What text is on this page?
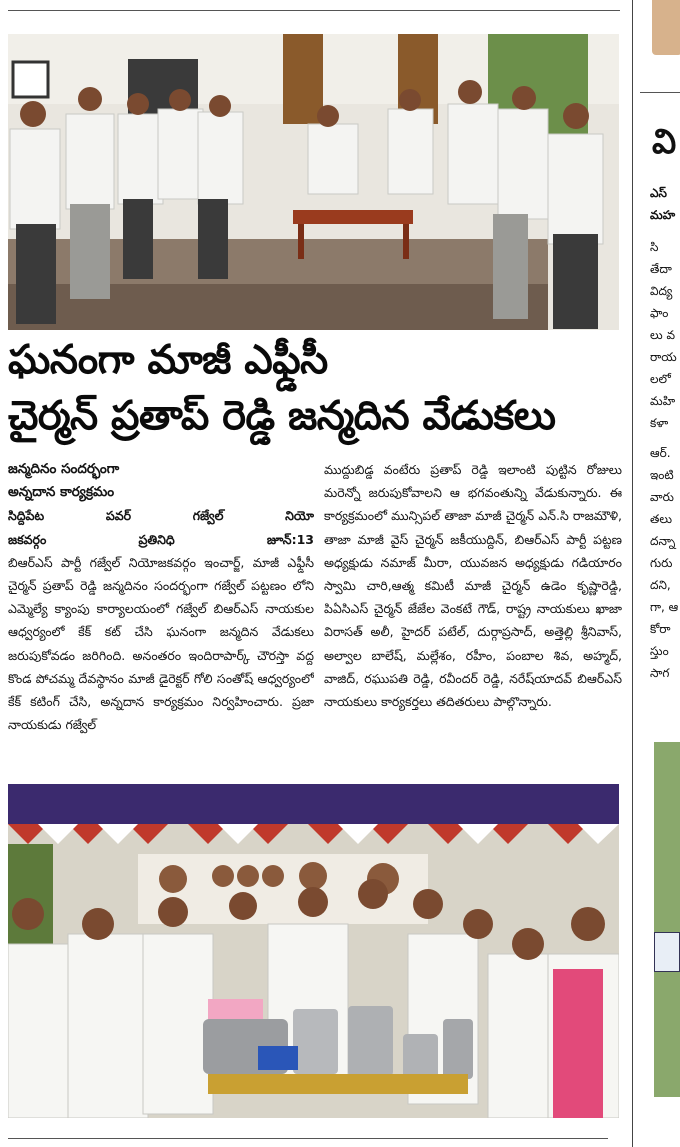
ఘనంగా మాజీ ఎఫ్డీసీ
చైర్మన్ ప్రతాప్ రెడ్డి జన్మదిన వేడుకలు
జన్మదినం సందర్భంగా
అన్నదాన కార్యక్రమం
సిద్దిపేట	పవర్	గజ్వేల్	నియో
జకవర్గం	ప్రతినిధి	జూన్:13

బిఆర్ఎస్ పార్టీ గజ్వేల్ నియోజకవర్గం ఇంచార్జ్, మాజీ ఎఫ్డీసీ చైర్మన్ ప్రతాప్ రెడ్డి జన్మదినం సందర్భంగా గజ్వేల్ పట్టణం లోని ఎమ్మెల్యే క్యాంపు కార్యాలయంలో గజ్వేల్ బిఆర్ఎస్ నాయకుల ఆధ్వర్యంలో కేక్ కట్ చేసి ఘనంగా జన్మదిన వేడుకలు జరుపుకోవడం జరిగింది. అనంతరం ఇందిరాపార్క్ చౌరస్తా వద్ద కొండ పోచమ్మ దేవస్థానం మాజీ డైరెక్టర్ గోలి సంతోష్ ఆధ్వర్యంలో కేక్ కటింగ్ చేసి, అన్నదాన కార్యక్రమం నిర్వహించారు. ప్రజా నాయకుడు గజ్వేల్

ముద్దుబిడ్డ వంటేరు ప్రతాప్ రెడ్డి ఇలాంటి పుట్టిన రోజులు మరెన్నో జరుపుకోవాలని ఆ భగవంతున్ని వేడుకున్నారు. ఈ కార్యక్రమంలో మున్సిపల్ తాజా మాజీ చైర్మన్ ఎన్.సి రాజమౌళి, తాజా మాజీ వైస్ చైర్మన్ జకీయుద్దిన్, బిఆర్ఎస్ పార్టీ పట్టణ అధ్యక్షుడు నమాజ్ మీరా, యువజన అధ్యక్షుడు గడియారం స్వామి చారి,ఆత్మ కమిటీ మాజీ చైర్మన్ ఉడెం కృష్ణారెడ్డి, పిఏసిఎస్ చైర్మన్ జేజేల వెంకటే గౌడ్, రాష్ట్ర నాయకులు ఖాజా విరాసత్ అలీ, హైదర్ పటేల్, దుర్గాప్రసాద్, అత్తెల్లి శ్రీనివాస్, అల్వాల బాలేష్, మల్లేశం, రహీం, పంబాల శివ, అహ్మద్, వాజిద్, రఘుపతి రెడ్డి, రవీందర్ రెడ్డి, నరేష్‌యాదవ్ బిఆర్ఎస్ నాయకులు కార్యకర్తలు తదితరులు పాల్గొన్నారు.

వి
ఎస్
మహ
సి
తేదా
విద్య
ఫాం
లు వ
రాయ
లలో
మహి
కళా
ఆర్.
ఇంటి
వారు
తలు
దన్నా
గురు
దని,
గా, ఆ
కోరా
స్తుం
సాగ
